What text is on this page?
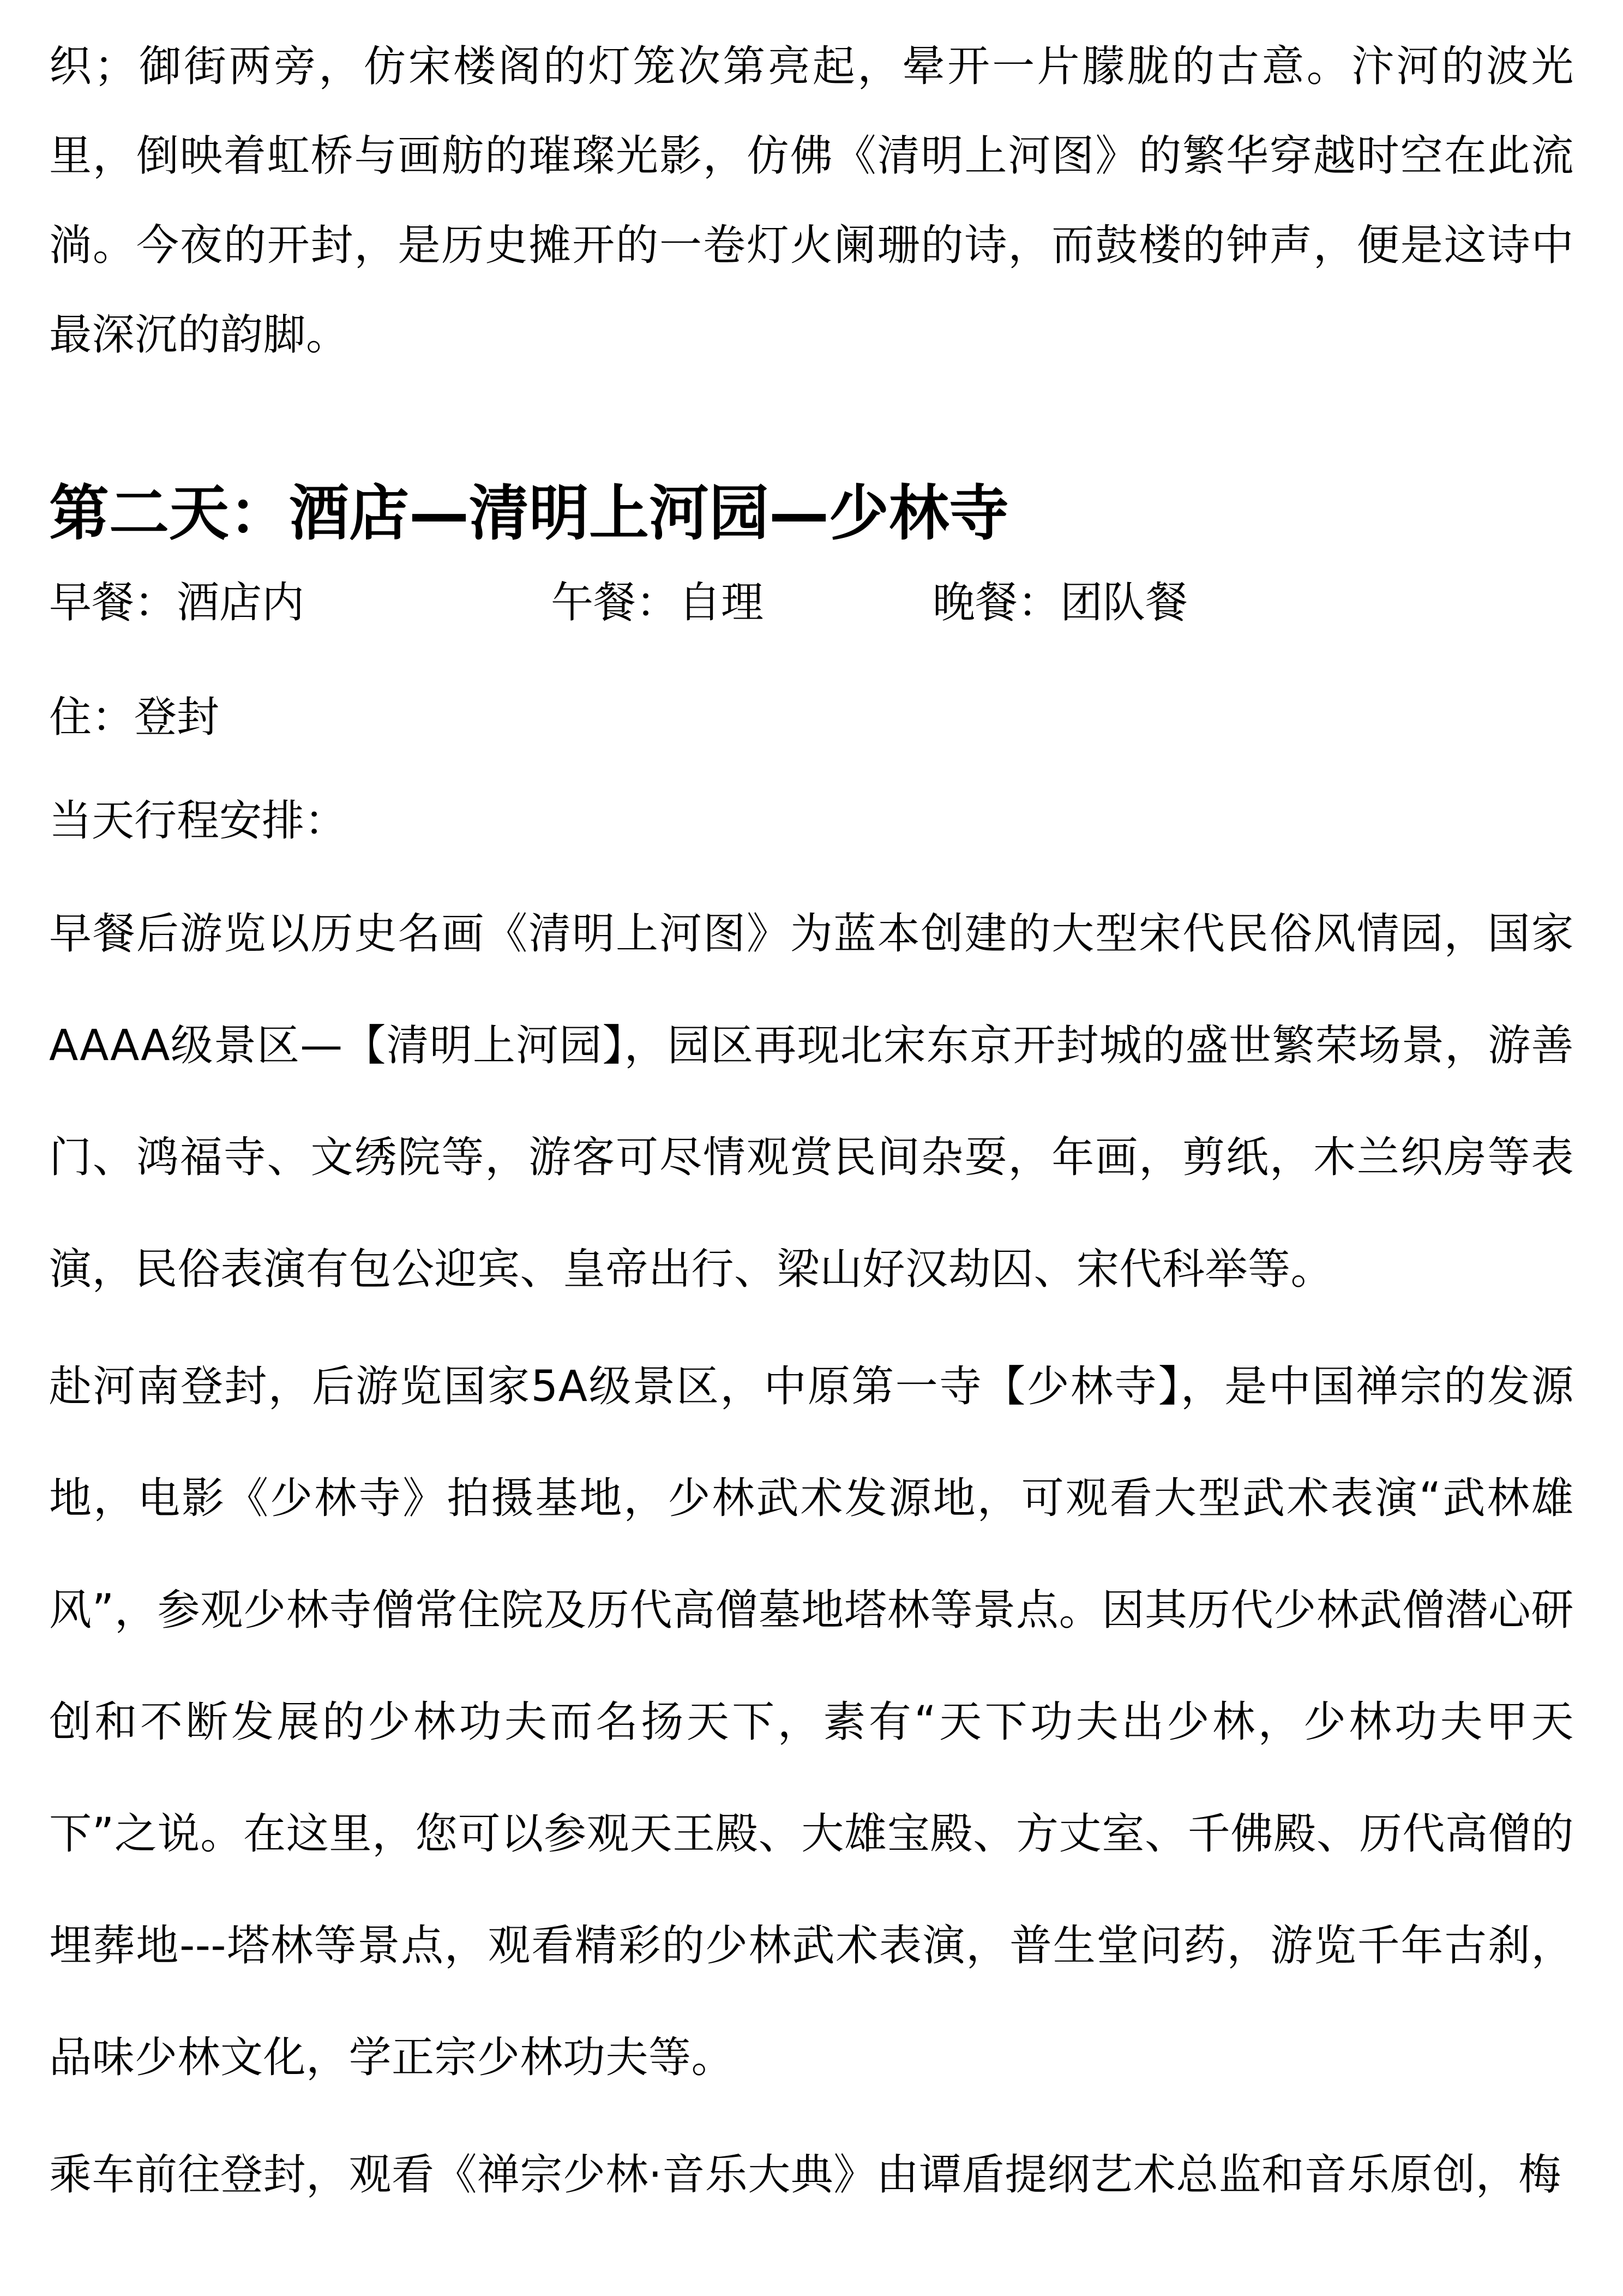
织；御街两旁，仿宋楼阁的灯笼次第亮起，晕开一片朦胧的古意。汴河的波光里，倒映着虹桥与画舫的璀璨光影，仿佛《清明上河图》的繁华穿越时空在此流淌。今夜的开封，是历史摊开的一卷灯火阑珊的诗，而鼓楼的钟声，便是这诗中最深沉的韵脚。

第二天：酒店—清明上河园—少林寺
早餐：酒店内	午餐：自理	晚餐：团队餐
住：登封
当天行程安排：

早餐后游览以历史名画《清明上河图》为蓝本创建的大型宋代民俗风情园，国家AAAA级景区—【清明上河园】，园区再现北宋东京开封城的盛世繁荣场景，游善门、鸿福寺、文绣院等，游客可尽情观赏民间杂耍，年画，剪纸，木兰织房等表演，民俗表演有包公迎宾、皇帝出行、梁山好汉劫囚、宋代科举等。

赴河南登封，后游览国家5A级景区，中原第一寺【少林寺】，是中国禅宗的发源地，电影《少林寺》拍摄基地，少林武术发源地，可观看大型武术表演“武林雄风”，参观少林寺僧常住院及历代高僧墓地塔林等景点。因其历代少林武僧潜心研创和不断发展的少林功夫而名扬天下，素有“天下功夫出少林，少林功夫甲天下”之说。在这里，您可以参观天王殿、大雄宝殿、方丈室、千佛殿、历代高僧的埋葬地---塔林等景点，观看精彩的少林武术表演，普生堂问药，游览千年古刹，品味少林文化，学正宗少林功夫等。

乘车前往登封，观看《禅宗少林·音乐大典》由谭盾提纲艺术总监和音乐原创，梅
